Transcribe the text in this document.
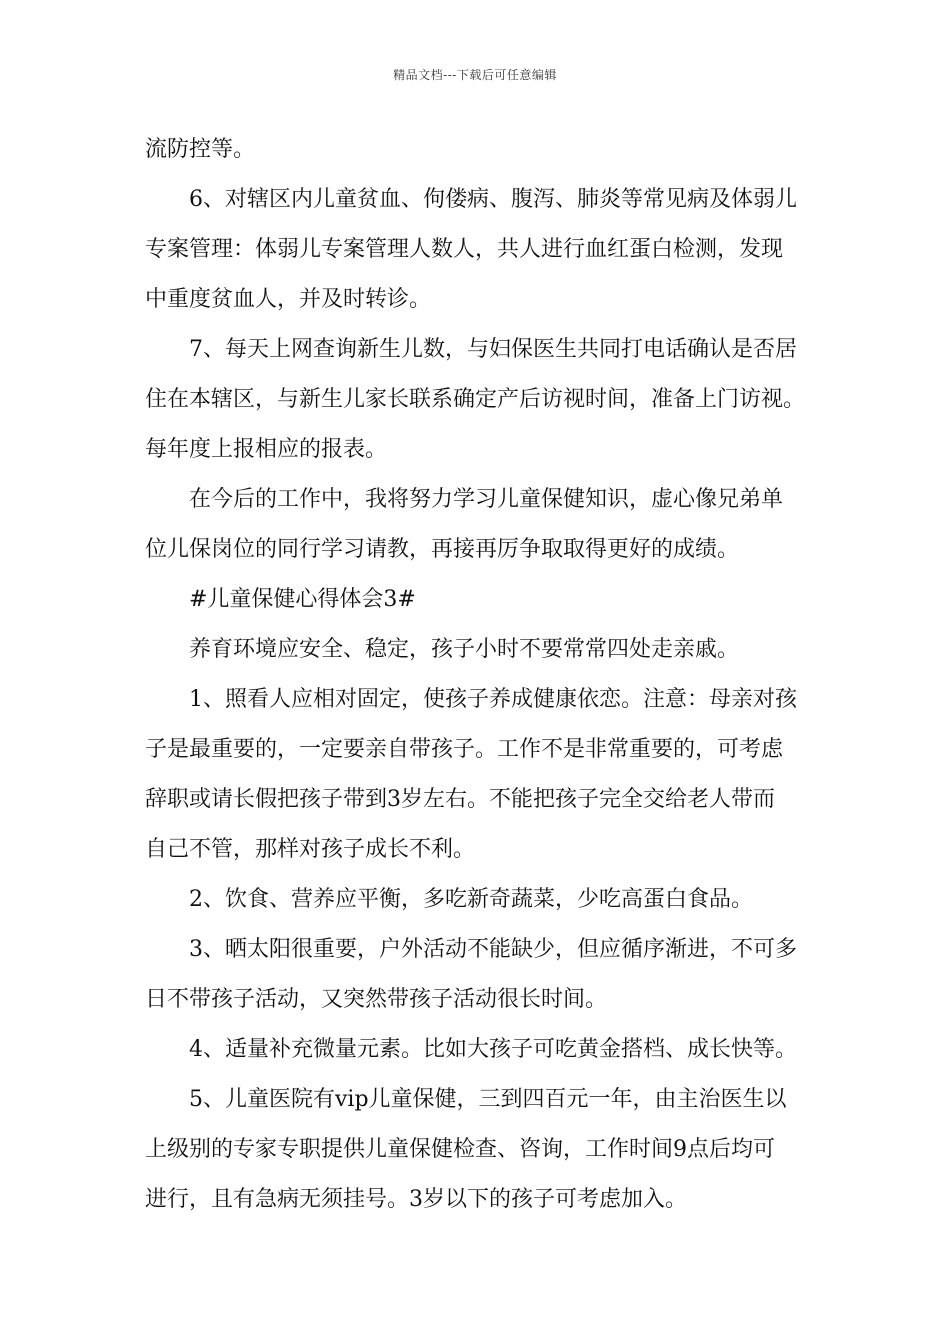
精品文档---下载后可任意编辑
流防控等。
6、对辖区内儿童贫血、佝偻病、腹泻、肺炎等常见病及体弱儿
专案管理：体弱儿专案管理人数人，共人进行血红蛋白检测，发现
中重度贫血人，并及时转诊。
7、每天上网查询新生儿数，与妇保医生共同打电话确认是否居
住在本辖区，与新生儿家长联系确定产后访视时间，准备上门访视。
每年度上报相应的报表。
在今后的工作中，我将努力学习儿童保健知识，虚心像兄弟单
位儿保岗位的同行学习请教，再接再厉争取取得更好的成绩。
#儿童保健心得体会3#
养育环境应安全、稳定，孩子小时不要常常四处走亲戚。
1、照看人应相对固定，使孩子养成健康依恋。注意：母亲对孩
子是最重要的，一定要亲自带孩子。工作不是非常重要的，可考虑
辞职或请长假把孩子带到3岁左右。不能把孩子完全交给老人带而
自己不管，那样对孩子成长不利。
2、饮食、营养应平衡，多吃新奇蔬菜，少吃高蛋白食品。
3、晒太阳很重要，户外活动不能缺少，但应循序渐进，不可多
日不带孩子活动，又突然带孩子活动很长时间。
4、适量补充微量元素。比如大孩子可吃黄金搭档、成长快等。
5、儿童医院有vip儿童保健，三到四百元一年，由主治医生以
上级别的专家专职提供儿童保健检查、咨询，工作时间9点后均可
进行，且有急病无须挂号。3岁以下的孩子可考虑加入。
